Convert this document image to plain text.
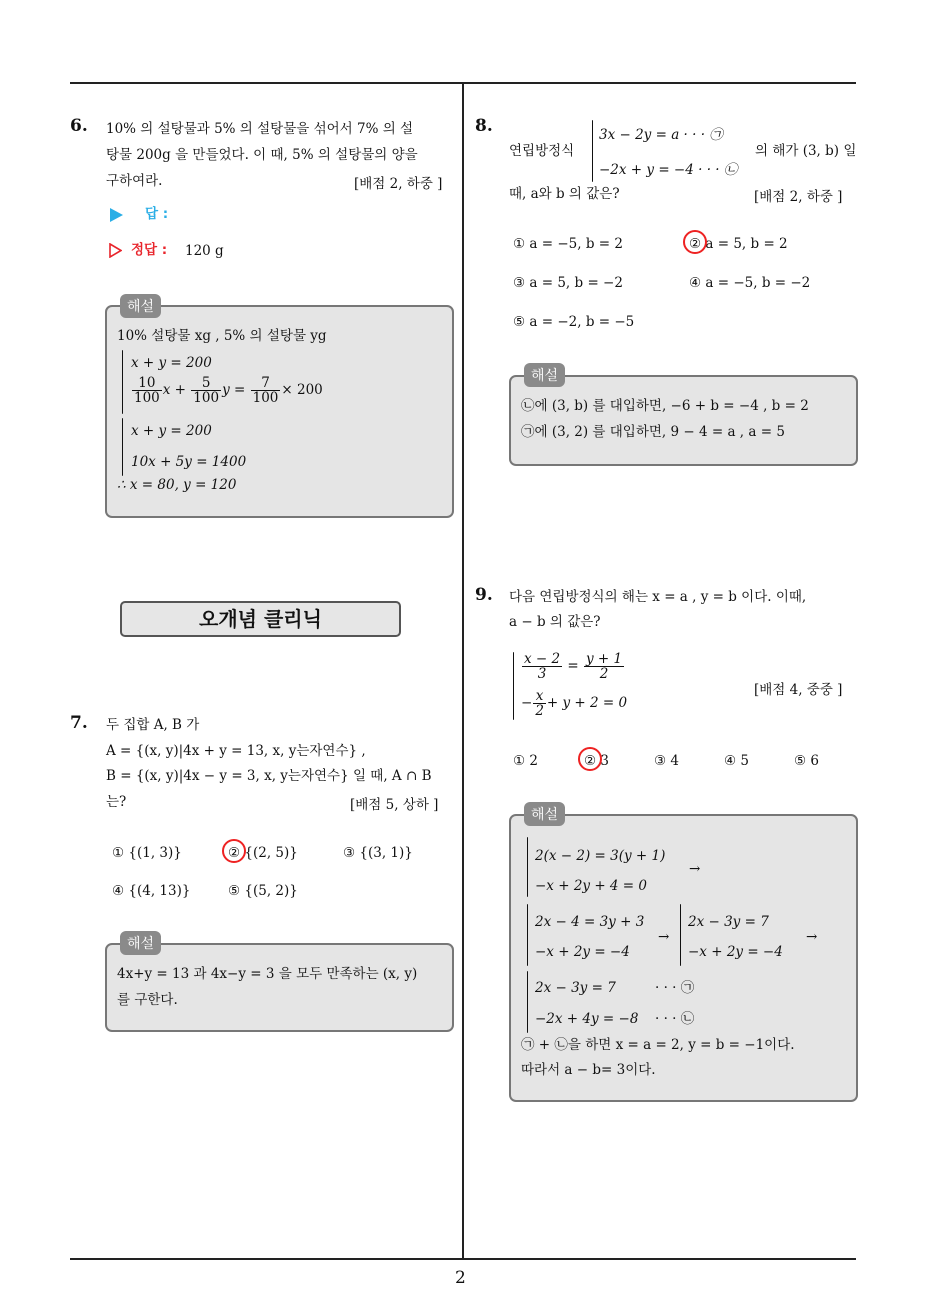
2
6. 10% 의 설탕물과 5% 의 설탕물을 섞어서 7% 의 설
탕물 200g 을 만들었다. 이 때, 5% 의 설탕물의 양을
구하여라.	[배점 2, 하중 ]
답 :
정답 : 120 g
해설
10% 설탕물 xg , 5% 의 설탕물 yg
x + y = 200
$\frac{10}{100}$ $x + \frac{5}{100}$ $y = \frac{7}{100} \times 200$
x + y = 200
10x + 5y = 1400
∴ x = 80, y = 120
오개념 클리닉
7. 두 집합 A, B 가
A = {(x, y)|4x + y = 13, x, y는자연수} ,
B = {(x, y)|4x − y = 3, x, y는자연수} 일 때, A ∩ B
는?	[배점 5, 상하 ]
① {(1, 3)}	② {(2, 5)}	③ {(3, 1)}
④ {(4, 13)}	⑤ {(5, 2)}
해설
4x+y = 13 과 4x−y = 3 을 모두 만족하는 (x, y)
를 구한다.
8.
연립방정식
3x − 2y = a · · · ㉠
−2x + y = −4 · · · ㉡
의 해가 (3, b) 일
때, a와 b 의 값은?	[배점 2, 하중 ]
① a = −5, b = 2	② a = 5, b = 2
③ a = 5, b = −2	④ a = −5, b = −2
⑤ a = −2, b = −5
해설
㉡에 (3, b) 를 대입하면, −6 + b = −4 , b = 2
㉠에 (3, 2) 를 대입하면, 9 − 4 = a , a = 5
9. 다음 연립방정식의 해는 x = a , y = b 이다. 이때,
a − b 의 값은?
$\frac{x - 2}{3} = \frac{y + 1}{2}$
− $\frac{x}{2} + y + 2 = 0$
[배점 4, 중중 ]
① 2	② 3	③ 4	④ 5	⑤ 6
해설
2(x − 2) = 3(y + 1)
−x + 2y + 4 = 0
→
2x − 4 = 3y + 3
−x + 2y = −4
→
2x − 3y = 7
−x + 2y = −4
→
2x − 3y = 7	· · · ㉠
−2x + 4y = −8 · · · ㉡
㉠ + ㉡을 하면 x = a = 2, y = b = −1이다.
따라서 a − b= 3이다.
